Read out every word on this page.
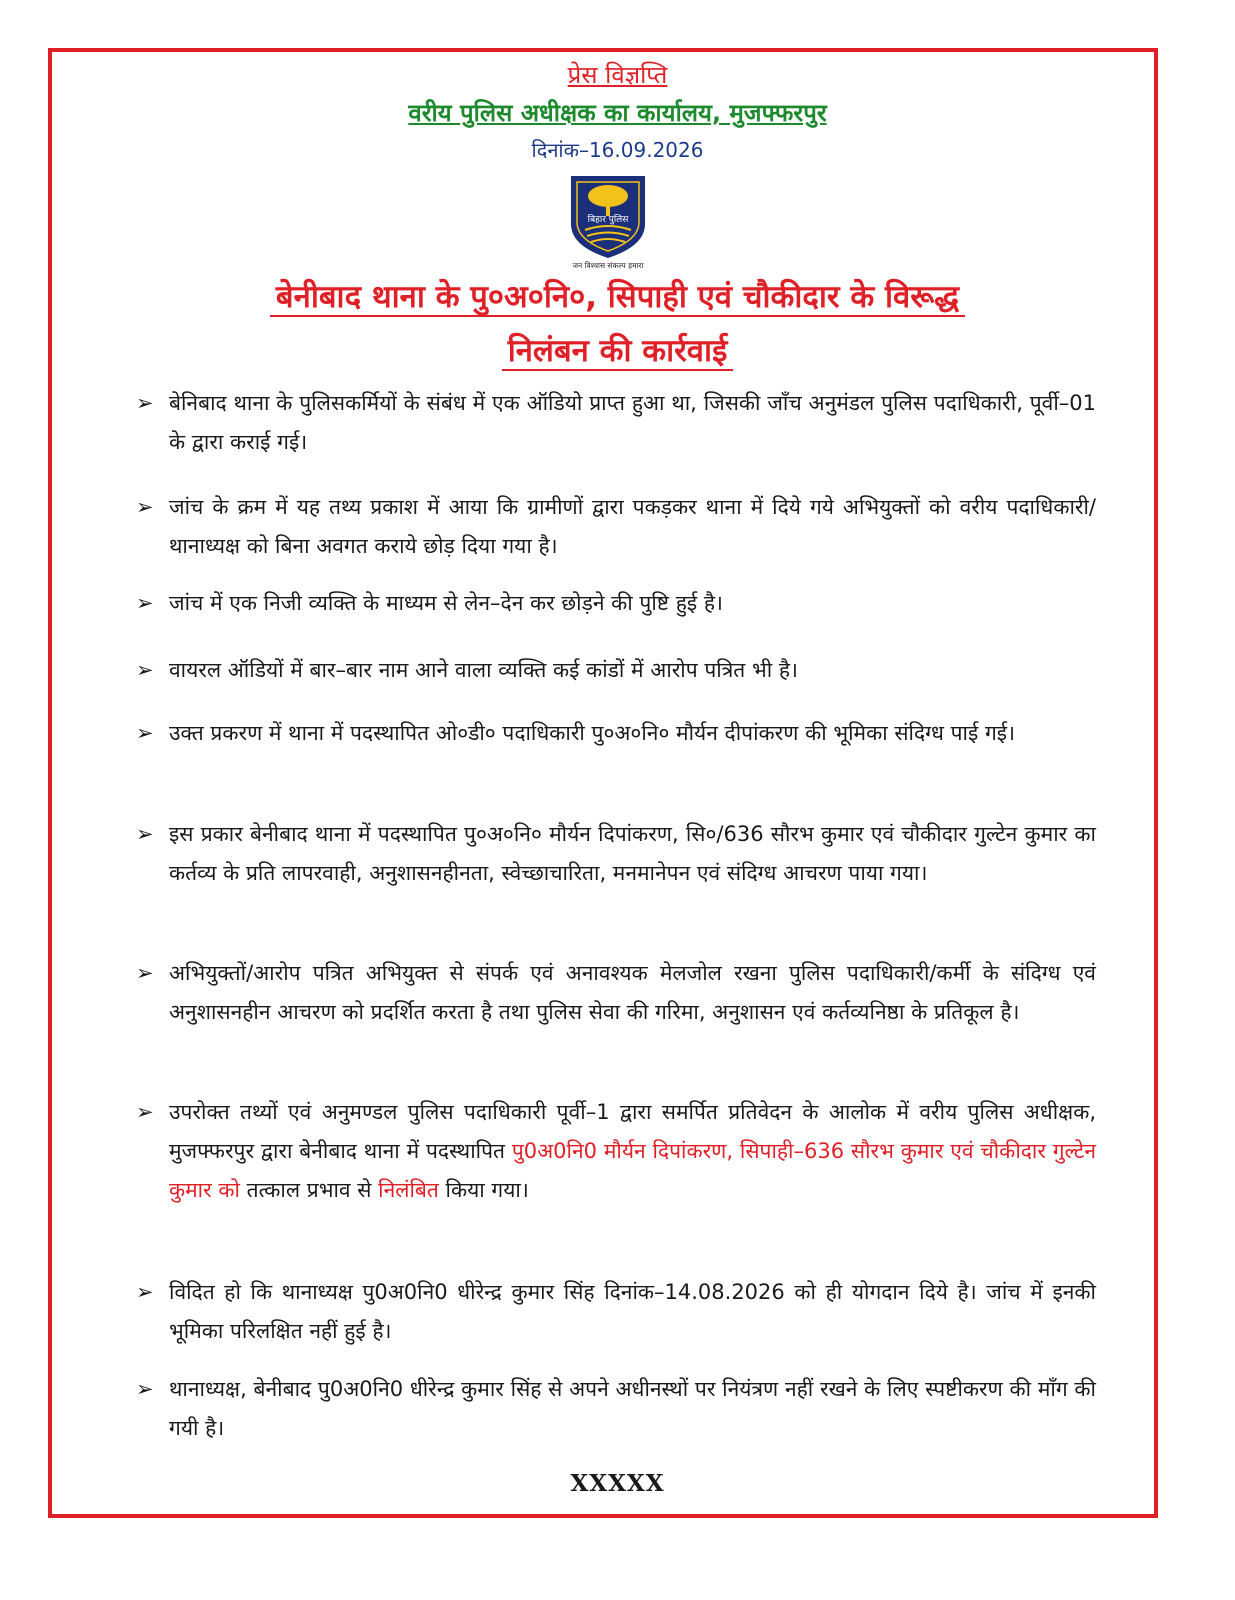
प्रेस विज्ञप्ति
वरीय पुलिस अधीक्षक का कार्यालय, मुजफ्फरपुर
दिनांक–16.09.2026
बिहार पुलिस
जन विश्वास संकल्प हमारा
बेनीबाद थाना के पु०अ०नि०, सिपाही एवं चौकीदार के विरूद्ध
निलंबन की कार्रवाई
➢ बेनिबाद थाना के पुलिसकर्मियों के संबंध में एक ऑडियो प्राप्त हुआ था, जिसकी जाँच अनुमंडल पुलिस पदाधिकारी, पूर्वी–01 के द्वारा कराई गई।
➢ जांच के क्रम में यह तथ्य प्रकाश में आया कि ग्रामीणों द्वारा पकड़कर थाना में दिये गये अभियुक्तों को वरीय पदाधिकारी/थानाध्यक्ष को बिना अवगत कराये छोड़ दिया गया है।
➢ जांच में एक निजी व्यक्ति के माध्यम से लेन–देन कर छोड़ने की पुष्टि हुई है।
➢ वायरल ऑडियों में बार–बार नाम आने वाला व्यक्ति कई कांडों में आरोप पत्रित भी है।
➢ उक्त प्रकरण में थाना में पदस्थापित ओ०डी० पदाधिकारी पु०अ०नि० मौर्यन दीपांकरण की भूमिका संदिग्ध पाई गई।
➢ इस प्रकार बेनीबाद थाना में पदस्थापित पु०अ०नि० मौर्यन दिपांकरण, सि०/636 सौरभ कुमार एवं चौकीदार गुल्टेन कुमार का कर्तव्य के प्रति लापरवाही, अनुशासनहीनता, स्वेच्छाचारिता, मनमानेपन एवं संदिग्ध आचरण पाया गया।
➢ अभियुक्तों/आरोप पत्रित अभियुक्त से संपर्क एवं अनावश्यक मेलजोल रखना पुलिस पदाधिकारी/कर्मी के संदिग्ध एवं अनुशासनहीन आचरण को प्रदर्शित करता है तथा पुलिस सेवा की गरिमा, अनुशासन एवं कर्तव्यनिष्ठा के प्रतिकूल है।
➢ उपरोक्त तथ्यों एवं अनुमण्डल पुलिस पदाधिकारी पूर्वी–1 द्वारा समर्पित प्रतिवेदन के आलोक में वरीय पुलिस अधीक्षक, मुजफ्फरपुर द्वारा बेनीबाद थाना में पदस्थापित पु0अ0नि0 मौर्यन दिपांकरण, सिपाही–636 सौरभ कुमार एवं चौकीदार गुल्टेन कुमार को तत्काल प्रभाव से निलंबित किया गया।
➢ विदित हो कि थानाध्यक्ष पु0अ0नि0 धीरेन्द्र कुमार सिंह दिनांक–14.08.2026 को ही योगदान दिये है। जांच में इनकी भूमिका परिलक्षित नहीं हुई है।
➢ थानाध्यक्ष, बेनीबाद पु0अ0नि0 धीरेन्द्र कुमार सिंह से अपने अधीनस्थों पर नियंत्रण नहीं रखने के लिए स्पष्टीकरण की माँग की गयी है।
XXXXX
